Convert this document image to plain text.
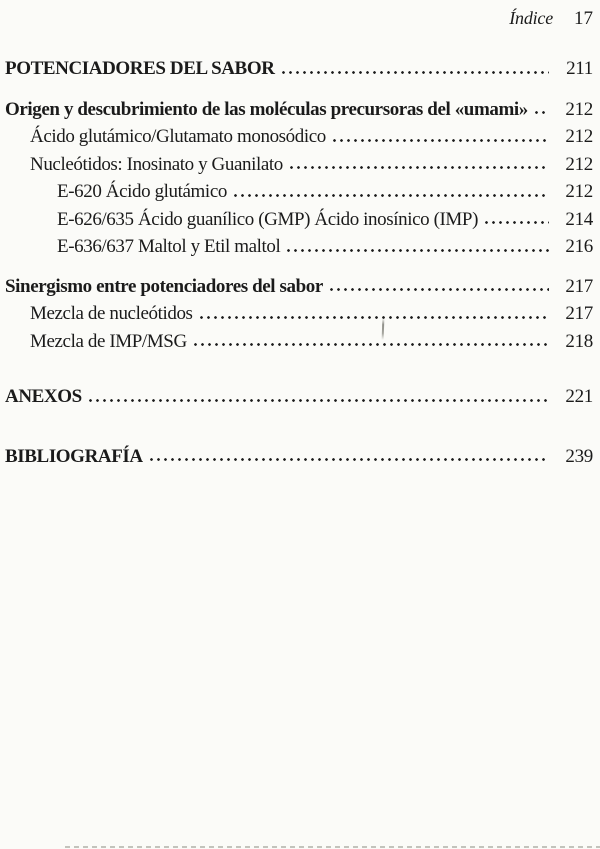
Índice 17
POTENCIADORES DEL SABOR	211
Origen y descubrimiento de las moléculas precursoras del «umami»	212
Ácido glutámico/Glutamato monosódico	212
Nucleótidos: Inosinato y Guanilato	212
E-620 Ácido glutámico	212
E-626/635 Ácido guanílico (GMP) Ácido inosínico (IMP)	214
E-636/637 Maltol y Etil maltol	216
Sinergismo entre potenciadores del sabor	217
Mezcla de nucleótidos	217
Mezcla de IMP/MSG	218
ANEXOS	221
BIBLIOGRAFÍA	239
